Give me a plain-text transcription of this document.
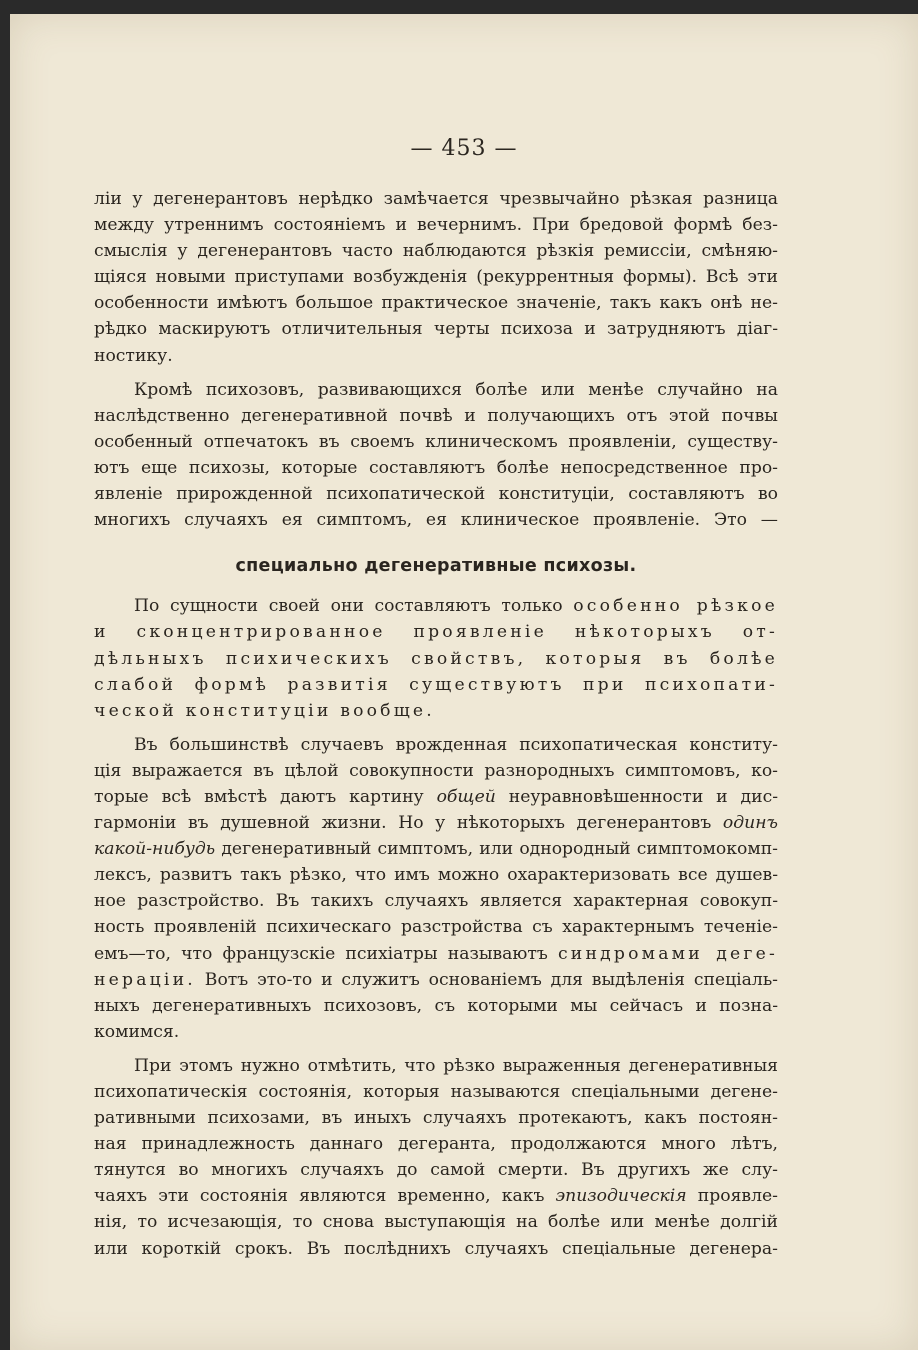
— 453 —

ліи у дегенерантовъ нерѣдко замѣчается чрезвычайно рѣзкая разница
между утреннимъ состояніемъ и вечернимъ. При бредовой формѣ без-
смыслія у дегенерантовъ часто наблюдаются рѣзкія ремиссіи, смѣняю-
щіяся новыми приступами возбужденія (рекуррентныя формы). Всѣ эти
особенности имѣютъ большое практическое значеніе, такъ какъ онѣ не-
рѣдко маскируютъ отличительныя черты психоза и затрудняютъ діаг-
ностику.

Кромѣ психозовъ, развивающихся болѣе или менѣе случайно на
наслѣдственно дегенеративной почвѣ и получающихъ отъ этой почвы
особенный отпечатокъ въ своемъ клиническомъ проявленіи, существу-
ютъ еще психозы, которые составляютъ болѣе непосредственное про-
явленіе прирожденной психопатической конституціи, составляютъ во
многихъ случаяхъ ея симптомъ, ея клиническое проявленіе. Это —

специально дегенеративные психозы.

По сущности своей они составляютъ только особенно рѣзкое
и сконцентрированное проявленіе нѣкоторыхъ от-
дѣльныхъ психическихъ свойствъ, которыя въ болѣе
слабой формѣ развитія существуютъ при психопати-
ческой конституціи вообще.

Въ большинствѣ случаевъ врожденная психопатическая конститу-
ція выражается въ цѣлой совокупности разнородныхъ симптомовъ, ко-
торые всѣ вмѣстѣ даютъ картину общей неуравновѣшенности и дис-
гармоніи въ душевной жизни. Но у нѣкоторыхъ дегенерантовъ одинъ
какой-нибудь дегенеративный симптомъ, или однородный симптомокомп-
лексъ, развитъ такъ рѣзко, что имъ можно охарактеризовать все душев-
ное разстройство. Въ такихъ случаяхъ является характерная совокуп-
ность проявленій психическаго разстройства съ характернымъ теченіе-
емъ—то, что французскіе психіатры называютъ синдромами деге-
нераціи. Вотъ это-то и служитъ основаніемъ для выдѣленія спеціаль-
ныхъ дегенеративныхъ психозовъ, съ которыми мы сейчасъ и позна-
комимся.

При этомъ нужно отмѣтить, что рѣзко выраженныя дегенеративныя
психопатическія состоянія, которыя называются спеціальными дегене-
ративными психозами, въ иныхъ случаяхъ протекаютъ, какъ постоян-
ная принадлежность даннаго дегеранта, продолжаются много лѣтъ,
тянутся во многихъ случаяхъ до самой смерти. Въ другихъ же слу-
чаяхъ эти состоянія являются временно, какъ эпизодическія проявле-
нія, то исчезающія, то снова выступающія на болѣе или менѣе долгій
или короткій срокъ. Въ послѣднихъ случаяхъ спеціальные дегенера-
